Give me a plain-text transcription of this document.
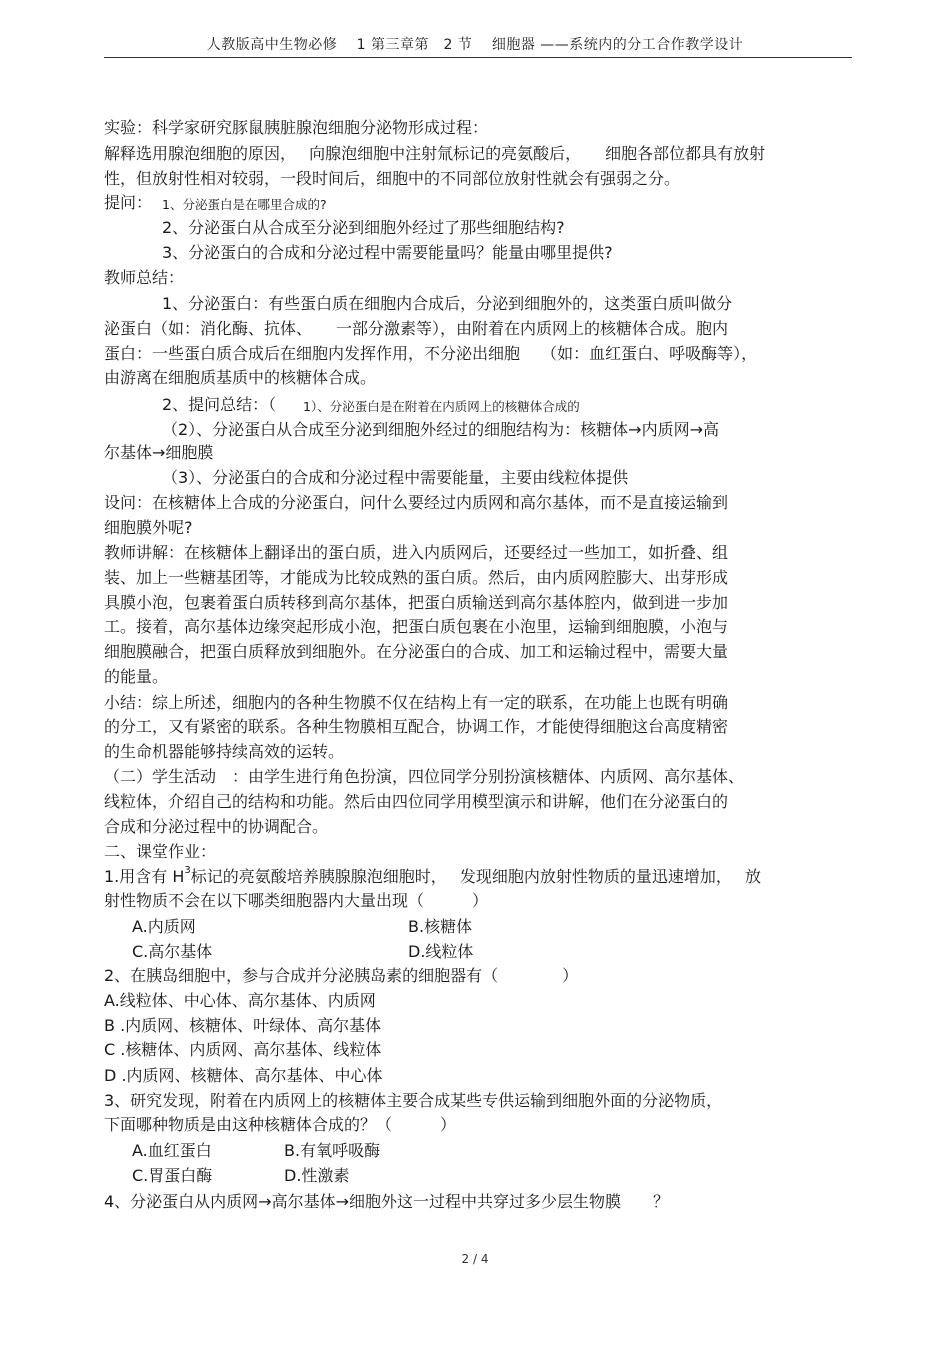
人教版高中生物必修　 1 第三章第　2 节　 细胞器 ——系统内的分工合作教学设计
实验：科学家研究豚鼠胰脏腺泡细胞分泌物形成过程：
解释选用腺泡细胞的原因，　 向腺泡细胞中注射氚标记的亮氨酸后，　　细胞各部位都具有放射
性，但放射性相对较弱，一段时间后，细胞中的不同部位放射性就会有强弱之分。
提问： 1、分泌蛋白是在哪里合成的?
2、分泌蛋白从合成至分泌到细胞外经过了那些细胞结构?
3、分泌蛋白的合成和分泌过程中需要能量吗？能量由哪里提供?
教师总结：
1、分泌蛋白：有些蛋白质在细胞内合成后，分泌到细胞外的，这类蛋白质叫做分
泌蛋白（如：消化酶、抗体、　　一部分激素等），由附着在内质网上的核糖体合成。胞内
蛋白：一些蛋白质合成后在细胞内发挥作用，不分泌出细胞　 （如：血红蛋白、呼吸酶等），
由游离在细胞质基质中的核糖体合成。
2、提问总结：（ 1）、分泌蛋白是在附着在内质网上的核糖体合成的
（2）、分泌蛋白从合成至分泌到细胞外经过的细胞结构为：核糖体→内质网→高
尔基体→细胞膜
（3）、分泌蛋白的合成和分泌过程中需要能量，主要由线粒体提供
设问：在核糖体上合成的分泌蛋白，问什么要经过内质网和高尔基体，而不是直接运输到
细胞膜外呢?
教师讲解：在核糖体上翻译出的蛋白质，进入内质网后，还要经过一些加工，如折叠、组
装、加上一些糖基团等，才能成为比较成熟的蛋白质。然后，由内质网腔膨大、出芽形成
具膜小泡，包裹着蛋白质转移到高尔基体，把蛋白质输送到高尔基体腔内，做到进一步加
工。接着，高尔基体边缘突起形成小泡，把蛋白质包裹在小泡里，运输到细胞膜，小泡与
细胞膜融合，把蛋白质释放到细胞外。在分泌蛋白的合成、加工和运输过程中，需要大量
的能量。
小结：综上所述，细胞内的各种生物膜不仅在结构上有一定的联系，在功能上也既有明确
的分工，又有紧密的联系。各种生物膜相互配合，协调工作，才能使得细胞这台高度精密
的生命机器能够持续高效的运转。
（二）学生活动　：由学生进行角色扮演，四位同学分别扮演核糖体、内质网、高尔基体、
线粒体，介绍自己的结构和功能。然后由四位同学用模型演示和讲解，他们在分泌蛋白的
合成和分泌过程中的协调配合。
二、课堂作业：
1.用含有 $H^3$标记的亮氨酸培养胰腺腺泡细胞时，　 发现细胞内放射性物质的量迅速增加，　 放
射性物质不会在以下哪类细胞器内大量出现（　　　）
A.内质网	B.核糖体
C.高尔基体	D.线粒体
2、在胰岛细胞中，参与合成并分泌胰岛素的细胞器有（　　　　）
A.线粒体、中心体、高尔基体、内质网
B .内质网、核糖体、叶绿体、高尔基体
C .核糖体、内质网、高尔基体、线粒体
D .内质网、核糖体、高尔基体、中心体
3、研究发现，附着在内质网上的核糖体主要合成某些专供运输到细胞外面的分泌物质，
下面哪种物质是由这种核糖体合成的？（　　　）
A.血红蛋白	B.有氧呼吸酶
C.胃蛋白酶	D.性激素
4、分泌蛋白从内质网→高尔基体→细胞外这一过程中共穿过多少层生物膜　　？
2 / 4
